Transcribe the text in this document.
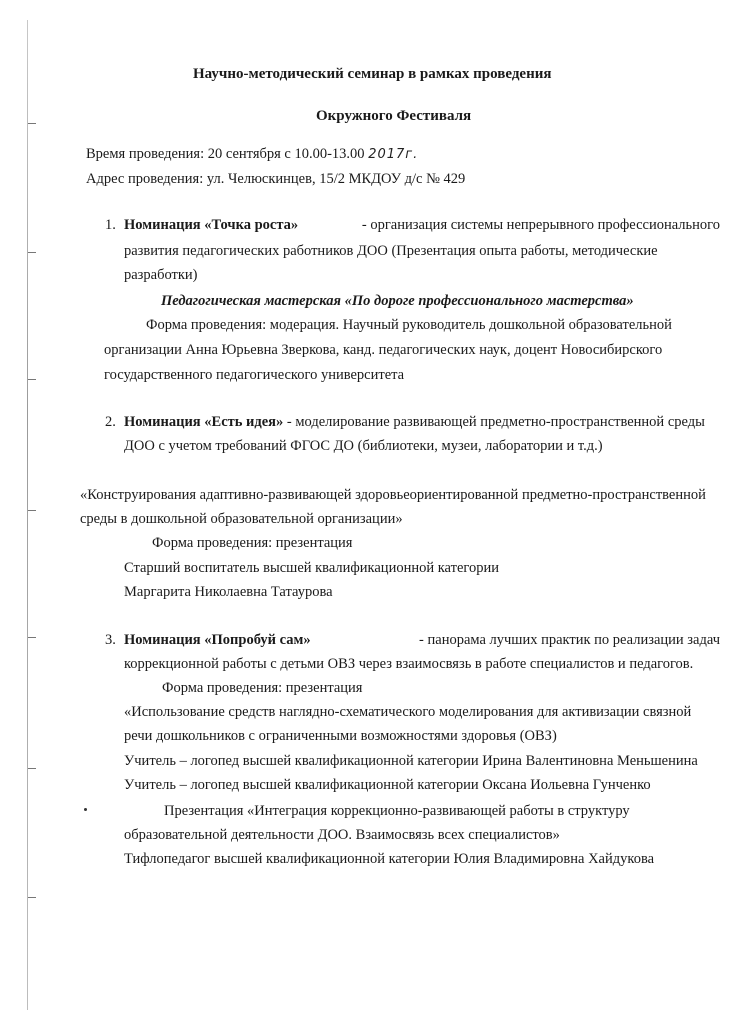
Научно-методический семинар в рамках проведения
Окружного Фестиваля
Время проведения: 20 сентября с 10.00-13.00 2017г.
Адрес проведения: ул. Челюскинцев, 15/2 МКДОУ д/с № 429
1. Номинация «Точка роста»	- организация системы непрерывного профессионального
развития педагогических работников ДОО (Презентация опыта работы, методические
разработки)
Педагогическая мастерская «По дороге профессионального мастерства»
Форма проведения: модерация. Научный руководитель дошкольной образовательной
организации Анна Юрьевна Зверкова, канд. педагогических наук, доцент Новосибирского
государственного педагогического университета
2. Номинация «Есть идея» - моделирование развивающей предметно-пространственной среды
ДОО с учетом требований ФГОС ДО (библиотеки, музеи, лаборатории и т.д.)
«Конструирования адаптивно-развивающей здоровьеориентированной предметно-пространственной
среды в дошкольной образовательной организации»
Форма проведения: презентация
Старший воспитатель высшей квалификационной категории
Маргарита Николаевна Татаурова
3. Номинация «Попробуй сам»	- панорама лучших практик по реализации задач
коррекционной работы с детьми ОВЗ через взаимосвязь в работе специалистов и педагогов.
Форма проведения: презентация
«Использование средств наглядно-схематического моделирования для активизации связной
речи дошкольников с ограниченными возможностями здоровья (ОВЗ)
Учитель – логопед высшей квалификационной категории Ирина Валентиновна Меньшенина
Учитель – логопед высшей квалификационной категории Оксана Иольевна Гунченко
Презентация «Интеграция коррекционно-развивающей работы в структуру
образовательной деятельности ДОО. Взаимосвязь всех специалистов»
Тифлопедагог высшей квалификационной категории Юлия Владимировна Хайдукова
